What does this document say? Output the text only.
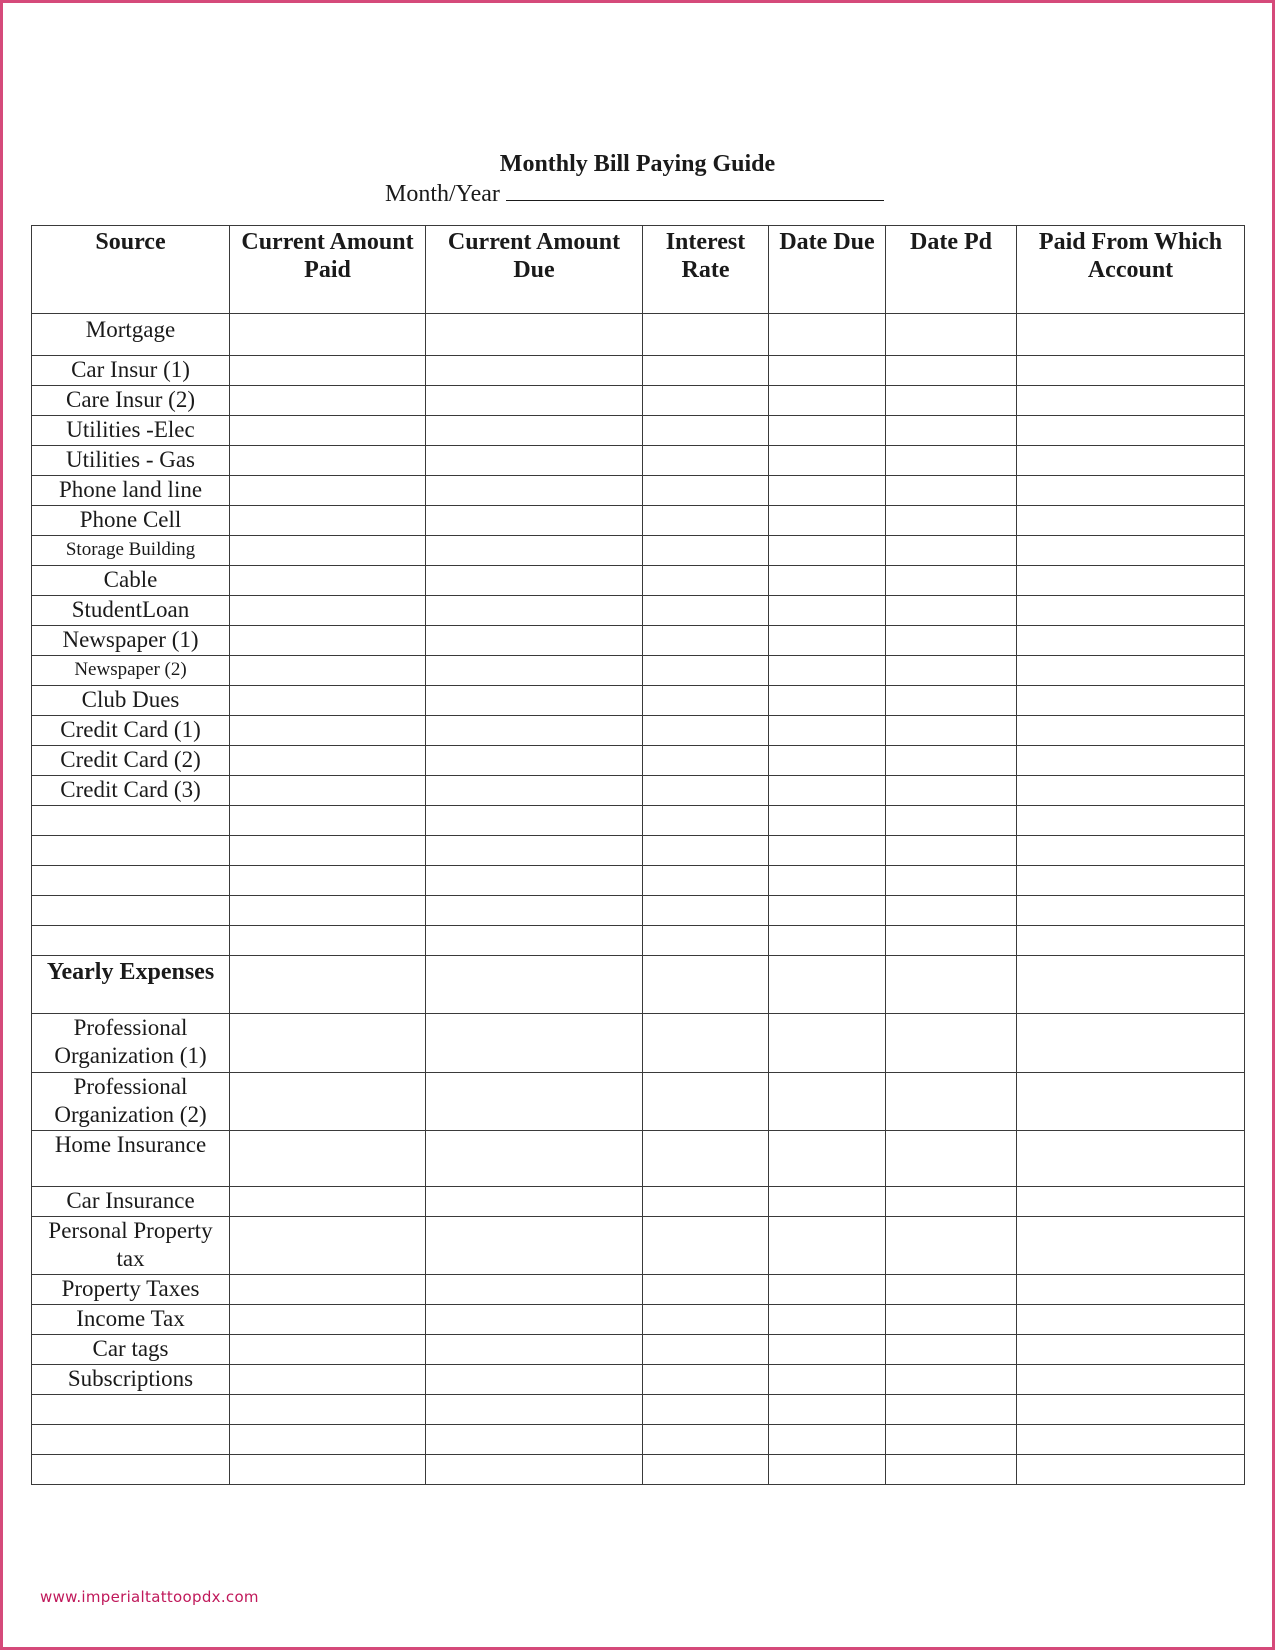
Monthly Bill Paying Guide
Month/Year
Source	Current Amount Paid	Current Amount Due	Interest Rate	Date Due	Date Pd	Paid From Which Account
Mortgage						
Car Insur (1)						
Care Insur (2)						
Utilities -Elec						
Utilities - Gas						
Phone land line						
Phone Cell						
Storage Building						
Cable						
StudentLoan						
Newspaper (1)						
Newspaper (2)						
Club Dues						
Credit Card (1)						
Credit Card (2)						
Credit Card (3)						

Yearly Expenses						
Professional Organization (1)						
Professional Organization (2)						
Home Insurance						
Car Insurance						
Personal Property tax						
Property Taxes						
Income Tax						
Car tags						
Subscriptions						

www.imperialtattoopdx.com
